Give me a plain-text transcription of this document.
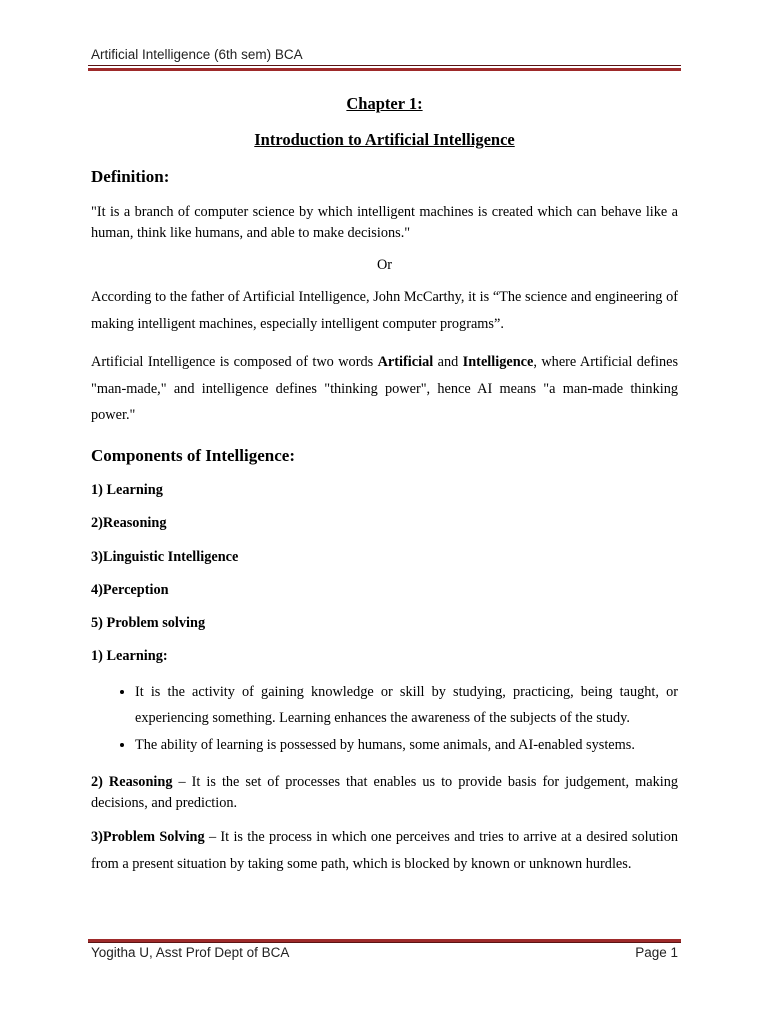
Artificial Intelligence (6th sem) BCA
Chapter 1:
Introduction to Artificial Intelligence
Definition:

"It is a branch of computer science by which intelligent machines is created which can behave like a human, think like humans, and able to make decisions."

Or

According to the father of Artificial Intelligence, John McCarthy, it is “The science and engineering of making intelligent machines, especially intelligent computer programs”.

Artificial Intelligence is composed of two words Artificial and Intelligence, where Artificial defines "man-made," and intelligence defines "thinking power", hence AI means "a man-made thinking power."

Components of Intelligence:
1) Learning
2)Reasoning
3)Linguistic Intelligence
4)Perception
5) Problem solving
1) Learning:
• It is the activity of gaining knowledge or skill by studying, practicing, being taught, or experiencing something. Learning enhances the awareness of the subjects of the study.
• The ability of learning is possessed by humans, some animals, and AI-enabled systems.

2) Reasoning – It is the set of processes that enables us to provide basis for judgement, making decisions, and prediction.

3)Problem Solving – It is the process in which one perceives and tries to arrive at a desired solution from a present situation by taking some path, which is blocked by known or unknown hurdles.

Yogitha U, Asst Prof Dept of BCA	Page 1
